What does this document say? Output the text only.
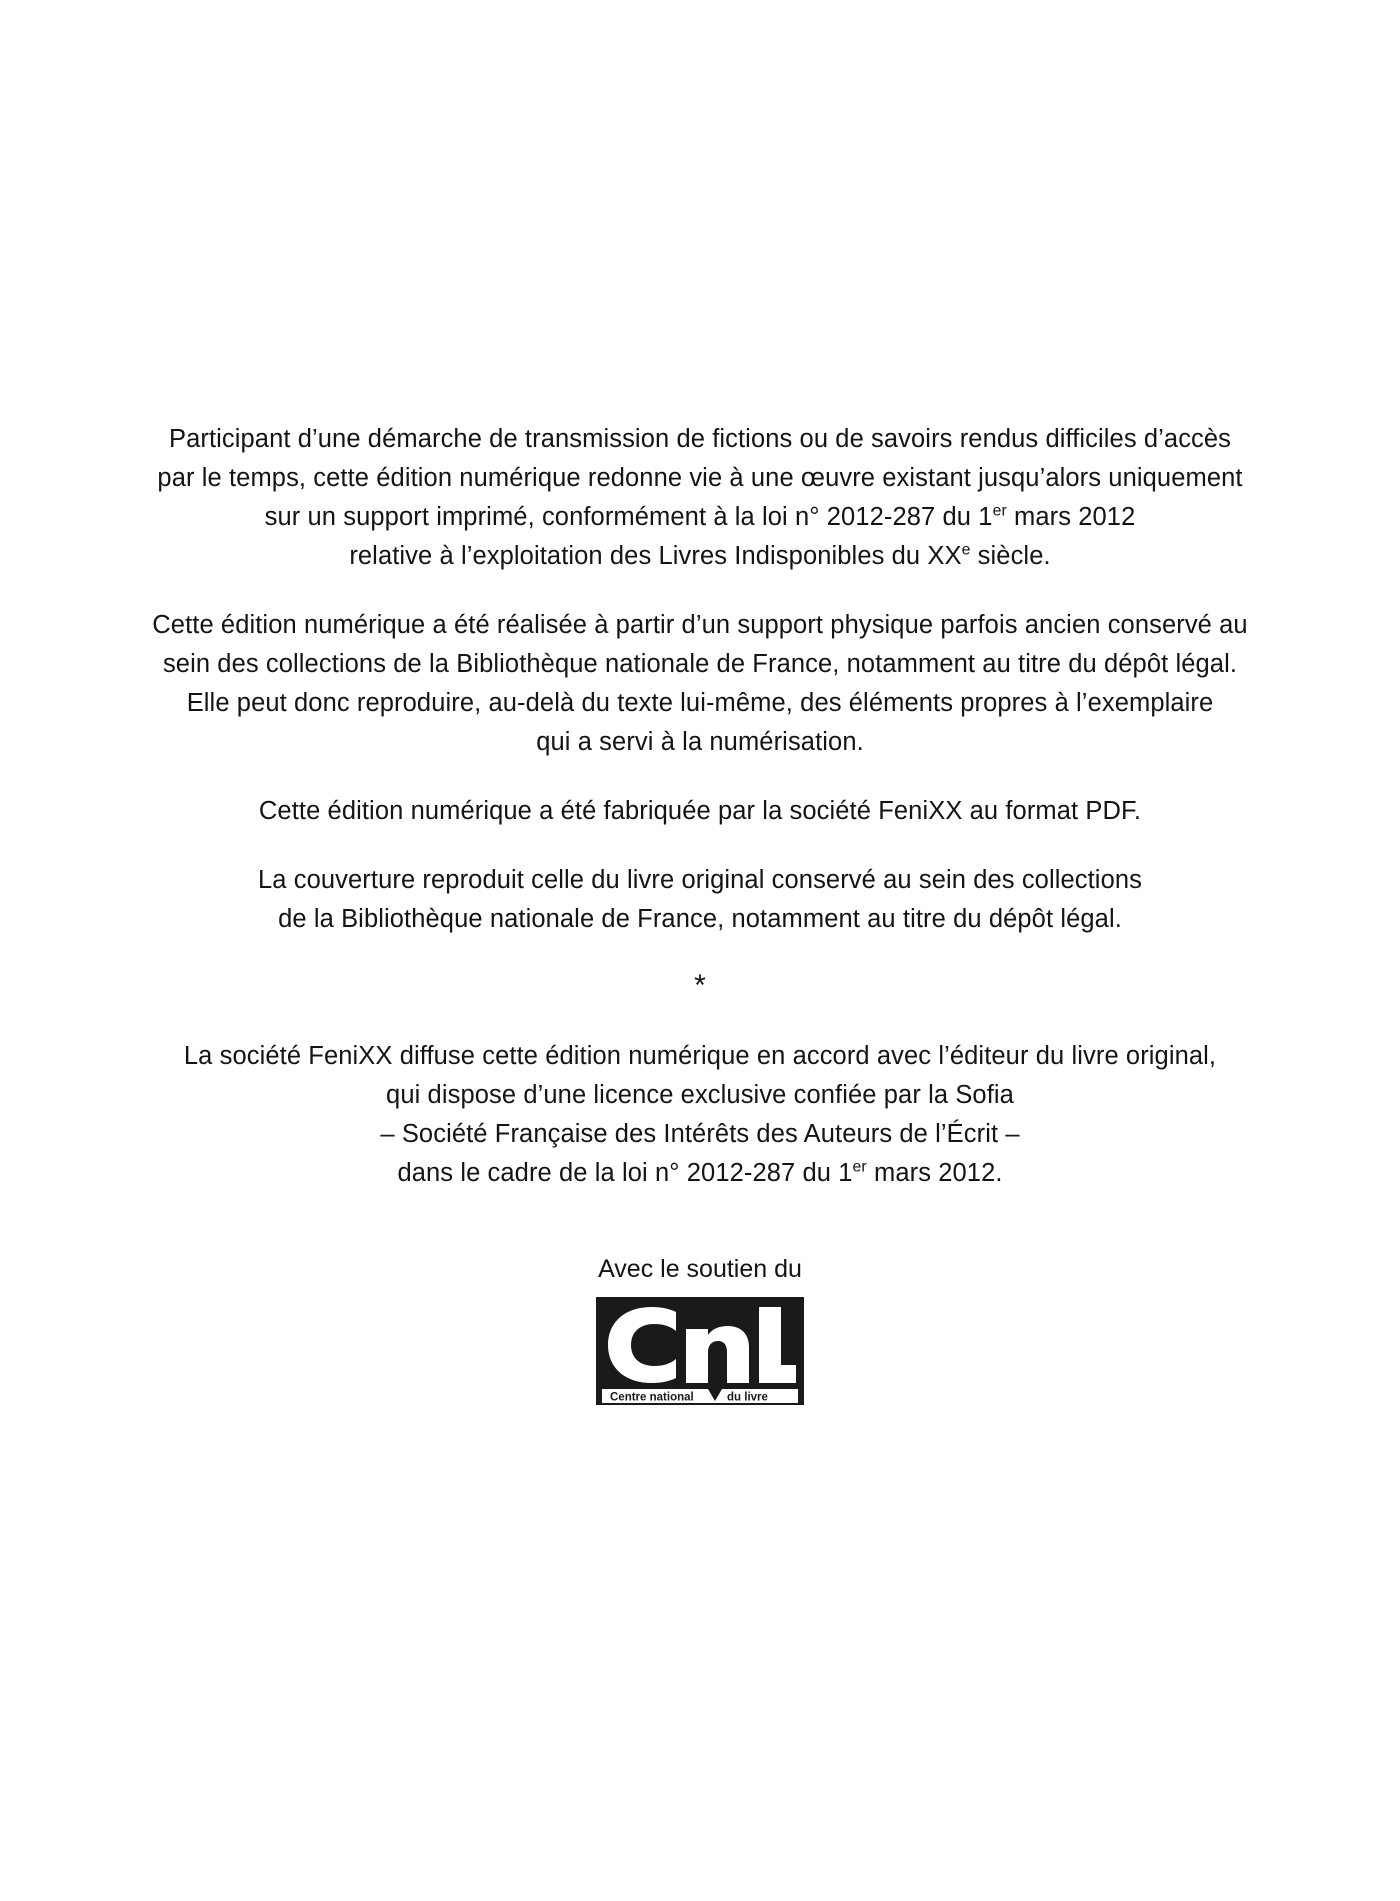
Participant d’une démarche de transmission de fictions ou de savoirs rendus difficiles d’accès
par le temps, cette édition numérique redonne vie à une œuvre existant jusqu’alors uniquement
sur un support imprimé, conformément à la loi n° 2012-287 du 1er mars 2012
relative à l’exploitation des Livres Indisponibles du XXe siècle.

Cette édition numérique a été réalisée à partir d’un support physique parfois ancien conservé au
sein des collections de la Bibliothèque nationale de France, notamment au titre du dépôt légal.
Elle peut donc reproduire, au-delà du texte lui-même, des éléments propres à l’exemplaire
qui a servi à la numérisation.

Cette édition numérique a été fabriquée par la société FeniXX au format PDF.

La couverture reproduit celle du livre original conservé au sein des collections
de la Bibliothèque nationale de France, notamment au titre du dépôt légal.

*

La société FeniXX diffuse cette édition numérique en accord avec l’éditeur du livre original,
qui dispose d’une licence exclusive confiée par la Sofia
– Société Française des Intérêts des Auteurs de l’Écrit –
dans le cadre de la loi n° 2012-287 du 1er mars 2012.

Avec le soutien du
Centre national	du livre
